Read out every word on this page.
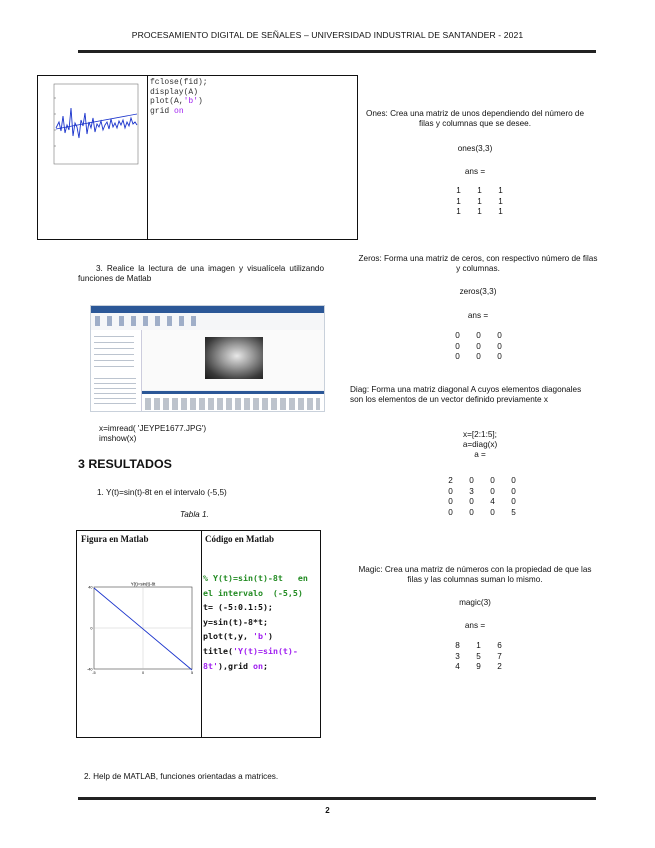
PROCESAMIENTO DIGITAL DE SEÑALES – UNIVERSIDAD INDUSTRIAL DE SANTANDER - 2021
fclose(fid);
display(A)
plot(A,'b')
grid on
3. Realice la lectura de una imagen y visualícela utilizando funciones de Matlab
x=imread( 'JEYPE1677.JPG')
imshow(x)
3 RESULTADOS
1. Y(t)=sin(t)-8t en el intervalo (-5,5)
Tabla 1.
Figura en Matlab	Código en Matlab
Y(t)=sin(t)-8t
40
0
-40
-5	0	5
% Y(t)=sin(t)-8t   en
el intervalo  (-5,5)
t= (-5:0.1:5);
y=sin(t)-8*t;
plot(t,y, 'b')
title('Y(t)=sin(t)-
8t'),grid on;
2. Help de MATLAB, funciones orientadas a matrices.
Ones: Crea una matriz de unos dependiendo del número de filas y columnas que se desee.
ones(3,3)
ans =
1 1 1
1 1 1
1 1 1
Zeros: Forma una matriz de ceros, con respectivo número de filas y columnas.
zeros(3,3)
ans =
0 0 0
0 0 0
0 0 0
Diag: Forma una matriz diagonal A cuyos elementos diagonales son los elementos de un vector definido previamente x
x=[2:1:5];
a=diag(x)
a =
2 0 0 0
0 3 0 0
0 0 4 0
0 0 0 5
Magic: Crea una matriz de números con la propiedad de que las filas y las columnas suman lo mismo.
magic(3)
ans =
8 1 6
3 5 7
4 9 2
2
